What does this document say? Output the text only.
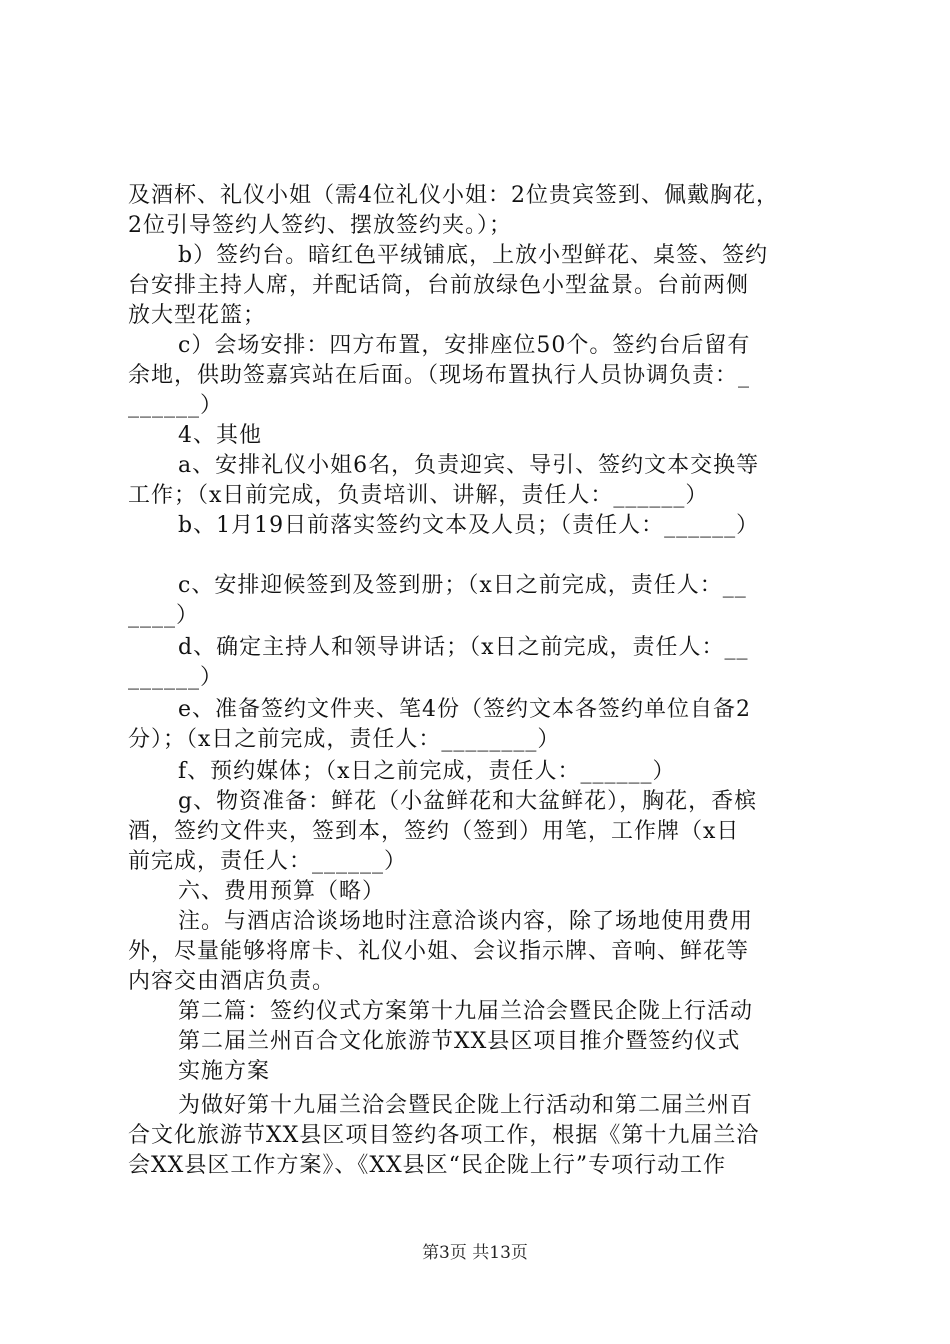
及酒杯、礼仪小姐（需4位礼仪小姐：2位贵宾签到、佩戴胸花，
2位引导签约人签约、摆放签约夹。）；
b）签约台。暗红色平绒铺底，上放小型鲜花、桌签、签约
台安排主持人席，并配话筒，台前放绿色小型盆景。台前两侧
放大型花篮；
c）会场安排：四方布置，安排座位50个。签约台后留有
余地，供助签嘉宾站在后面。（现场布置执行人员协调负责：_
______）
4、其他
a、安排礼仪小姐6名，负责迎宾、导引、签约文本交换等
工作；（x日前完成，负责培训、讲解，责任人：______）
b、1月19日前落实签约文本及人员；（责任人：______）
c、安排迎候签到及签到册；（x日之前完成，责任人：__
____）
d、确定主持人和领导讲话；（x日之前完成，责任人：__
______）
e、准备签约文件夹、笔4份（签约文本各签约单位自备2
分）；（x日之前完成，责任人：________）
f、预约媒体；（x日之前完成，责任人：______）
g、物资准备：鲜花（小盆鲜花和大盆鲜花），胸花，香槟
酒，签约文件夹，签到本，签约（签到）用笔，工作牌（x日
前完成，责任人：______）
六、费用预算（略）
注。与酒店洽谈场地时注意洽谈内容，除了场地使用费用
外，尽量能够将席卡、礼仪小姐、会议指示牌、音响、鲜花等
内容交由酒店负责。
第二篇：签约仪式方案第十九届兰洽会暨民企陇上行活动
第二届兰州百合文化旅游节XX县区项目推介暨签约仪式
实施方案
为做好第十九届兰洽会暨民企陇上行活动和第二届兰州百
合文化旅游节XX县区项目签约各项工作，根据《第十九届兰洽
会XX县区工作方案》、《XX县区“民企陇上行”专项行动工作
第3页 共13页
